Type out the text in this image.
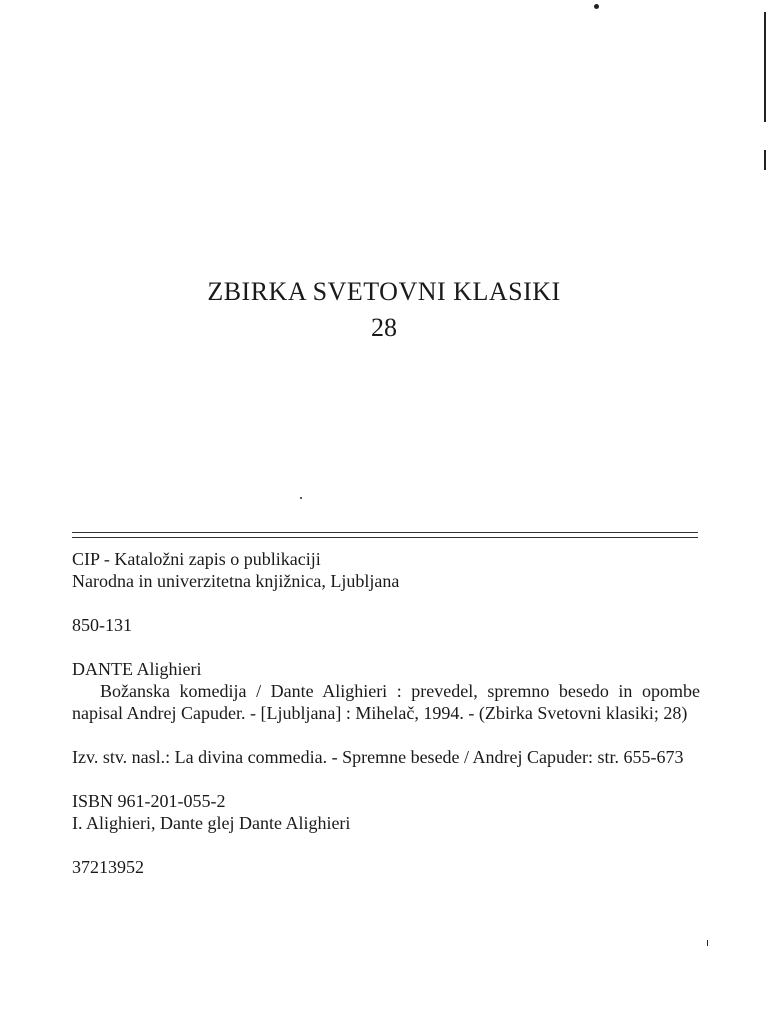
ZBIRKA SVETOVNI KLASIKI
28

CIP - Kataložni zapis o publikaciji

Narodna in univerzitetna knjižnica, Ljubljana

850-131

DANTE Alighieri

Božanska komedija / Dante Alighieri : prevedel, spremno besedo in opombe napisal Andrej Capuder. - [Ljubljana] : Mihelač, 1994. - (Zbirka Svetovni klasiki; 28)

Izv. stv. nasl.: La divina commedia. - Spremne besede / Andrej Capuder: str. 655-673

ISBN 961-201-055-2

I. Alighieri, Dante glej Dante Alighieri

37213952
